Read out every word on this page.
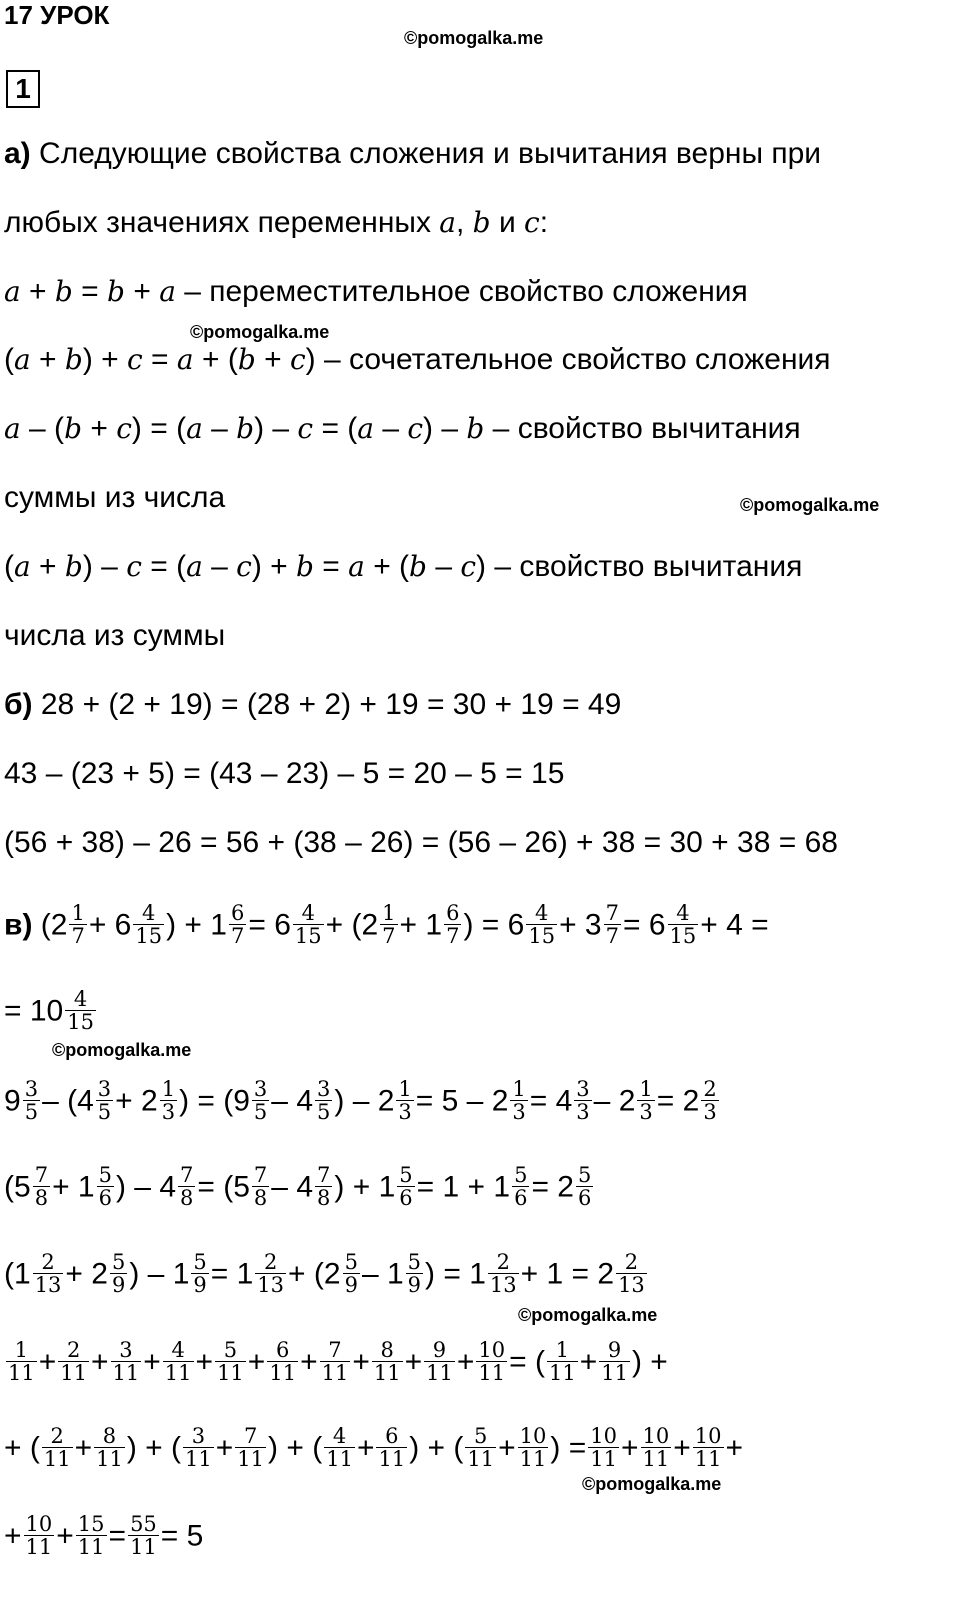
17 УРОК
©pomogalka.me
1
а) Следующие свойства сложения и вычитания верны при
любых значениях переменных a, b и c:
a + b = b + a – переместительное свойство сложения
©pomogalka.me
(a + b) + c = a + (b + c) – сочетательное свойство сложения
a – (b + c) = (a – b) – c = (a – c) – b – свойство вычитания
суммы из числа	©pomogalka.me
(a + b) – c = (a – c) + b = a + (b – c) – свойство вычитания
числа из суммы
б) 28 + (2 + 19) = (28 + 2) + 19 = 30 + 19 = 49
43 – (23 + 5) = (43 – 23) – 5 = 20 – 5 = 15
(56 + 38) – 26 = 56 + (38 – 26) = (56 – 26) + 38 = 30 + 38 = 68
в) ($2 \frac{1}{7} + 6 \frac{4}{15}$ ) + $1 \frac{6}{7} = 6 \frac{4}{15} + (2 \frac{1}{7} + 1 \frac{6}{7}$ ) = $6 \frac{4}{15} + 3 \frac{7}{7} = 6 \frac{4}{15} + 4$ =
= $10 \frac{4}{15}$
©pomogalka.me
$9 \frac{3}{5} - (4 \frac{3}{5} + 2 \frac{1}{3}$ ) = ($9 \frac{3}{5} - 4 \frac{3}{5}$ ) – $2 \frac{1}{3} = 5 - 2 \frac{1}{3} = 4 \frac{3}{3} - 2 \frac{1}{3} = 2 \frac{2}{3}$
($5 \frac{7}{8} + 1 \frac{5}{6}$ ) – $4 \frac{7}{8} = (5 \frac{7}{8} - 4 \frac{7}{8}$ ) + $1 \frac{5}{6} = 1 + 1 \frac{5}{6} = 2 \frac{5}{6}$
($1 \frac{2}{13} + 2 \frac{5}{9}$ ) – $1 \frac{5}{9} = 1 \frac{2}{13} + (2 \frac{5}{9} - 1 \frac{5}{9}$ ) = $1 \frac{2}{13} + 1 = 2 \frac{2}{13}$
©pomogalka.me
$\frac{1}{11} + \frac{2}{11} + \frac{3}{11} + \frac{4}{11} + \frac{5}{11} + \frac{6}{11} + \frac{7}{11} + \frac{8}{11} + \frac{9}{11} + \frac{10}{11}$ = ( $\frac{1}{11} + \frac{9}{11}$ ) +
+ ( $\frac{2}{11} + \frac{8}{11}$ ) + ( $\frac{3}{11} + \frac{7}{11}$ ) + ( $\frac{4}{11} + \frac{6}{11}$ ) + ( $\frac{5}{11} + \frac{10}{11}$ ) = $\frac{10}{11} + \frac{10}{11} + \frac{10}{11}$ +
©pomogalka.me
+ $\frac{10}{11} + \frac{15}{11} = \frac{55}{11} = 5$
